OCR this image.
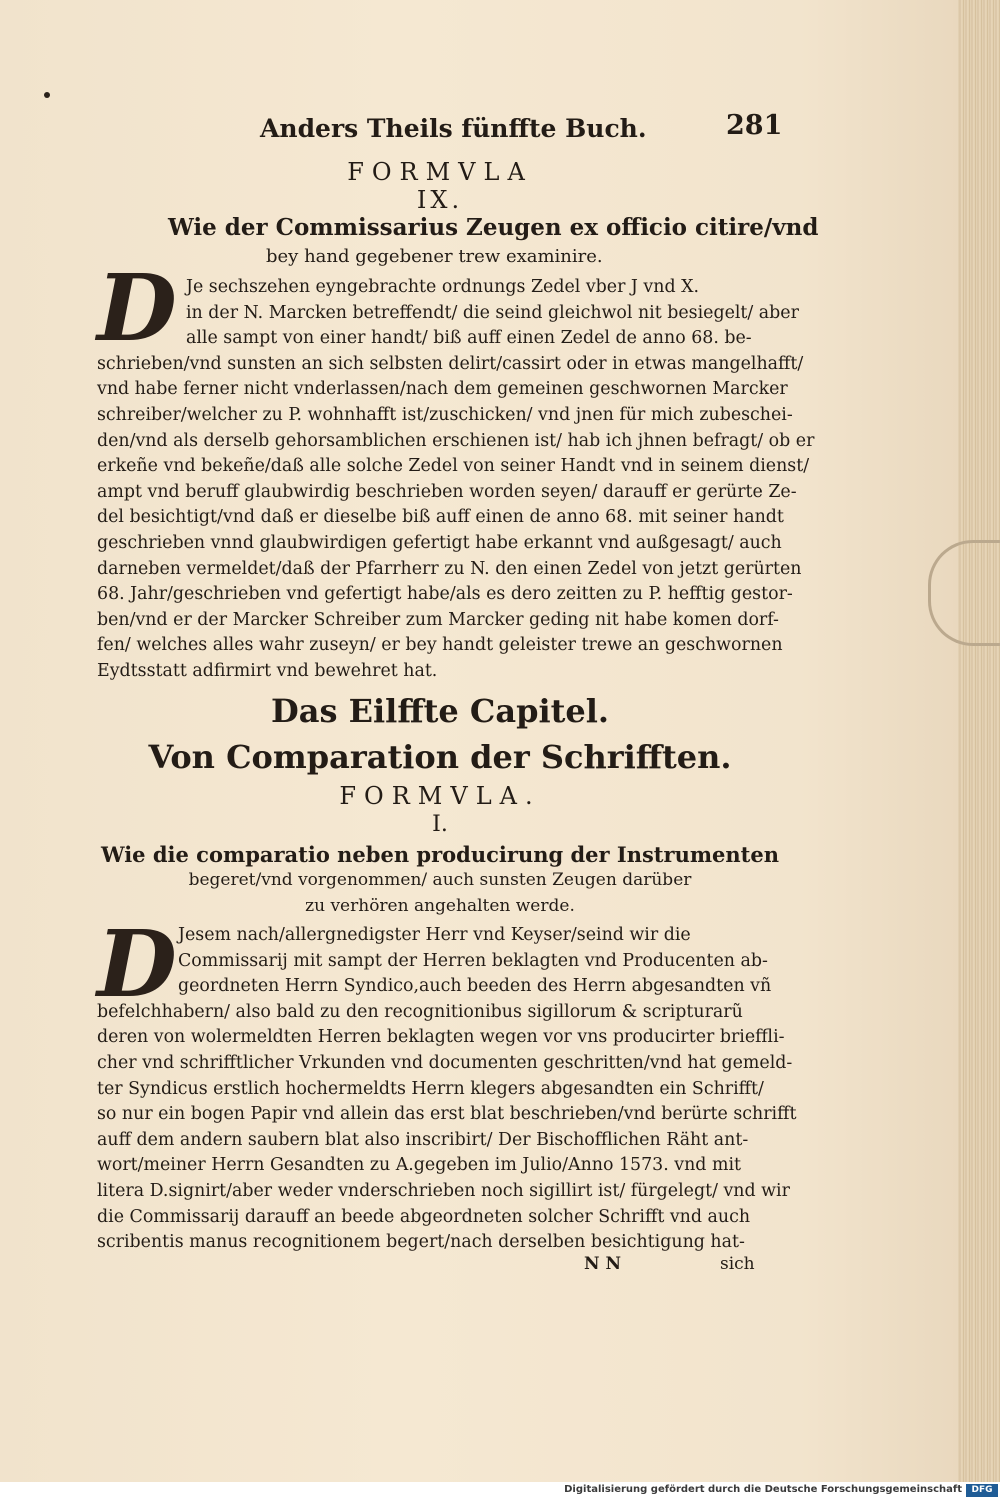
Anders Theils fünffte Buch.	281
FORMVLA
IX.
Wie der Commissarius Zeugen ex officio citire/vnd
bey hand gegebener trew examinire.
D Je sechszehen eyngebrachte ordnungs Zedel vber J vnd X.
in der N. Marcken betreffendt/ die seind gleichwol nit besiegelt/ aber
alle sampt von einer handt/ biß auff einen Zedel de anno 68. be-
schrieben/vnd sunsten an sich selbsten delirt/cassirt oder in etwas mangelhafft/
vnd habe ferner nicht vnderlassen/nach dem gemeinen geschwornen Marcker
schreiber/welcher zu P. wohnhafft ist/zuschicken/ vnd jnen für mich zubeschei-
den/vnd als derselb gehorsamblichen erschienen ist/ hab ich jhnen befragt/ ob er
erkeñe vnd bekeñe/daß alle solche Zedel von seiner Handt vnd in seinem dienst/
ampt vnd beruff glaubwirdig beschrieben worden seyen/ darauff er gerürte Ze-
del besichtigt/vnd daß er dieselbe biß auff einen de anno 68. mit seiner handt
geschrieben vnnd glaubwirdigen gefertigt habe erkannt vnd außgesagt/ auch
darneben vermeldet/daß der Pfarrherr zu N. den einen Zedel von jetzt gerürten
68. Jahr/geschrieben vnd gefertigt habe/als es dero zeitten zu P. hefftig gestor-
ben/vnd er der Marcker Schreiber zum Marcker geding nit habe komen dorf-
fen/ welches alles wahr zuseyn/ er bey handt geleister trewe an geschwornen
Eydtsstatt adfirmirt vnd bewehret hat.
Das Eilffte Capitel.
Von Comparation der Schrifften.
FORMVLA.
I.
Wie die comparatio neben producirung der Instrumenten
begeret/vnd vorgenommen/ auch sunsten Zeugen darüber
zu verhören angehalten werde.
D Jesem nach/allergnedigster Herr vnd Keyser/seind wir die
Commissarij mit sampt der Herren beklagten vnd Producenten ab-
geordneten Herrn Syndico,auch beeden des Herrn abgesandten vñ
befelchhabern/ also bald zu den recognitionibus sigillorum & scripturarũ
deren von wolermeldten Herren beklagten wegen vor vns producirter brieffli-
cher vnd schrifftlicher Vrkunden vnd documenten geschritten/vnd hat gemeld-
ter Syndicus erstlich hochermeldts Herrn klegers abgesandten ein Schrifft/
so nur ein bogen Papir vnd allein das erst blat beschrieben/vnd berürte schrifft
auff dem andern saubern blat also inscribirt/ Der Bischofflichen Räht ant-
wort/meiner Herrn Gesandten zu A.gegeben im Julio/Anno 1573. vnd mit
litera D.signirt/aber weder vnderschrieben noch sigillirt ist/ fürgelegt/ vnd wir
die Commissarij darauff an beede abgeordneten solcher Schrifft vnd auch
scribentis manus recognitionem begert/nach derselben besichtigung hat-
N N	sich
Digitalisierung gefördert durch die Deutsche Forschungsgemeinschaft	DFG
